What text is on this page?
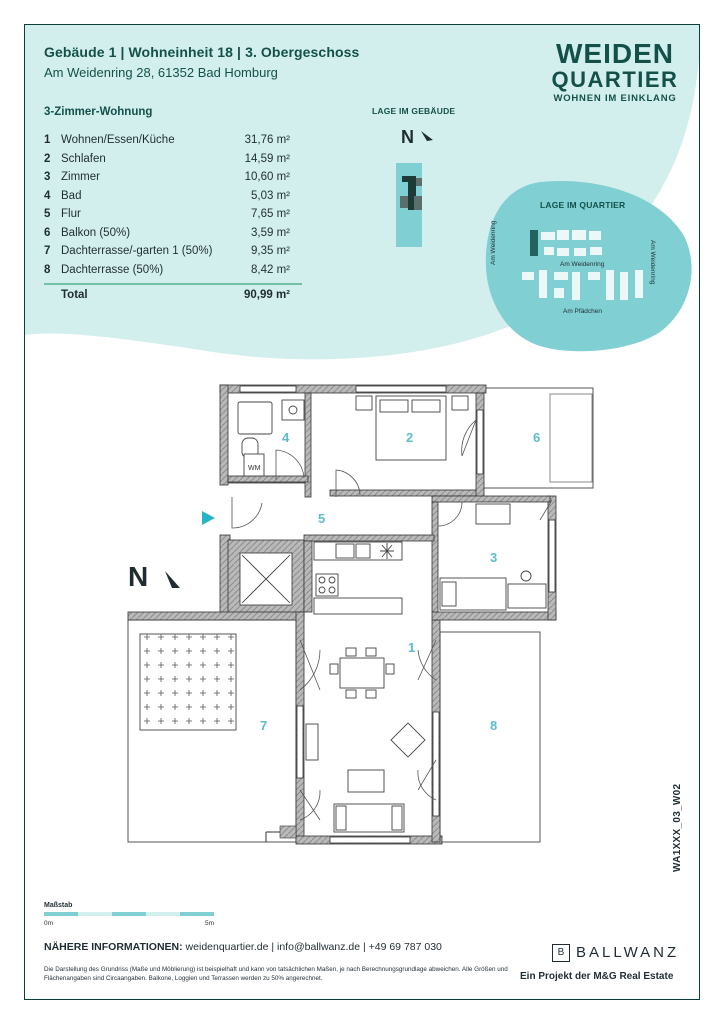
WM
Gebäude 1 | Wohneinheit 18 | 3. Obergeschoss
Am Weidenring 28, 61352 Bad Homburg
WEIDEN
QUARTIER
WOHNEN IM EINKLANG
3-Zimmer-Wohnung
1 Wohnen/Essen/Küche	31,76 m²
2 Schlafen	14,59 m²
3 Zimmer	10,60 m²
4 Bad	5,03 m²
5 Flur	7,65 m²
6 Balkon (50%)	3,59 m²
7 Dachterrasse/-garten 1 (50%)	9,35 m²
8 Dachterrasse (50%)	8,42 m²
Total	90,99 m²
LAGE IM GEBÄUDE
N
LAGE IM QUARTIER
Am Weidenring
Am Pfädchen
Am Weidenring	Am Weidenring
N
1
2
3
4
5
6
7	8
Maßstab
0m	5m
WA1XXX_03_W02
NÄHERE INFORMATIONEN: weidenquartier.de | info@ballwanz.de | +49 69 787 030
Die Darstellung des Grundriss (Maße und Möblierung) ist beispielhaft und kann von tatsächlichen Maßen, je nach Berechnungsgrundlage abweichen. Alle Größen und Flächenangaben sind Circaangaben. Balkone, Loggien und Terrassen werden zu 50% angerechnet.
B BALLWANZ
Ein Projekt der M&G Real Estate
